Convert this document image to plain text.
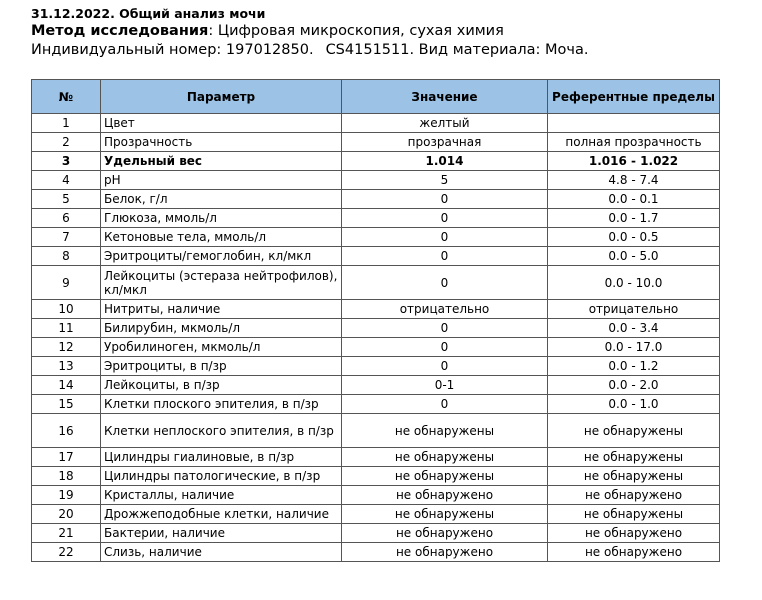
31.12.2022. Общий анализ мочи
Метод исследования: Цифровая микроскопия, сухая химия
Индивидуальный номер: 197012850. CS4151511. Вид материала: Моча.
№	Параметр	Значение	Референтные пределы
1	Цвет	желтый	
2	Прозрачность	прозрачная	полная прозрачность
3	Удельный вес	1.014	1.016 - 1.022
4	pH	5	4.8 - 7.4
5	Белок, г/л	0	0.0 - 0.1
6	Глюкоза, ммоль/л	0	0.0 - 1.7
7	Кетоновые тела, ммоль/л	0	0.0 - 0.5
8	Эритроциты/гемоглобин, кл/мкл	0	0.0 - 5.0
9	Лейкоциты (эстераза нейтрофилов), кл/мкл	0	0.0 - 10.0
10	Нитриты, наличие	отрицательно	отрицательно
11	Билирубин, мкмоль/л	0	0.0 - 3.4
12	Уробилиноген, мкмоль/л	0	0.0 - 17.0
13	Эритроциты, в п/зр	0	0.0 - 1.2
14	Лейкоциты, в п/зр	0-1	0.0 - 2.0
15	Клетки плоского эпителия, в п/зр	0	0.0 - 1.0
16	Клетки неплоского эпителия, в п/зр	не обнаружены	не обнаружены
17	Цилиндры гиалиновые, в п/зр	не обнаружены	не обнаружены
18	Цилиндры патологические, в п/зр	не обнаружены	не обнаружены
19	Кристаллы, наличие	не обнаружено	не обнаружено
20	Дрожжеподобные клетки, наличие	не обнаружены	не обнаружены
21	Бактерии, наличие	не обнаружено	не обнаружено
22	Слизь, наличие	не обнаружено	не обнаружено
